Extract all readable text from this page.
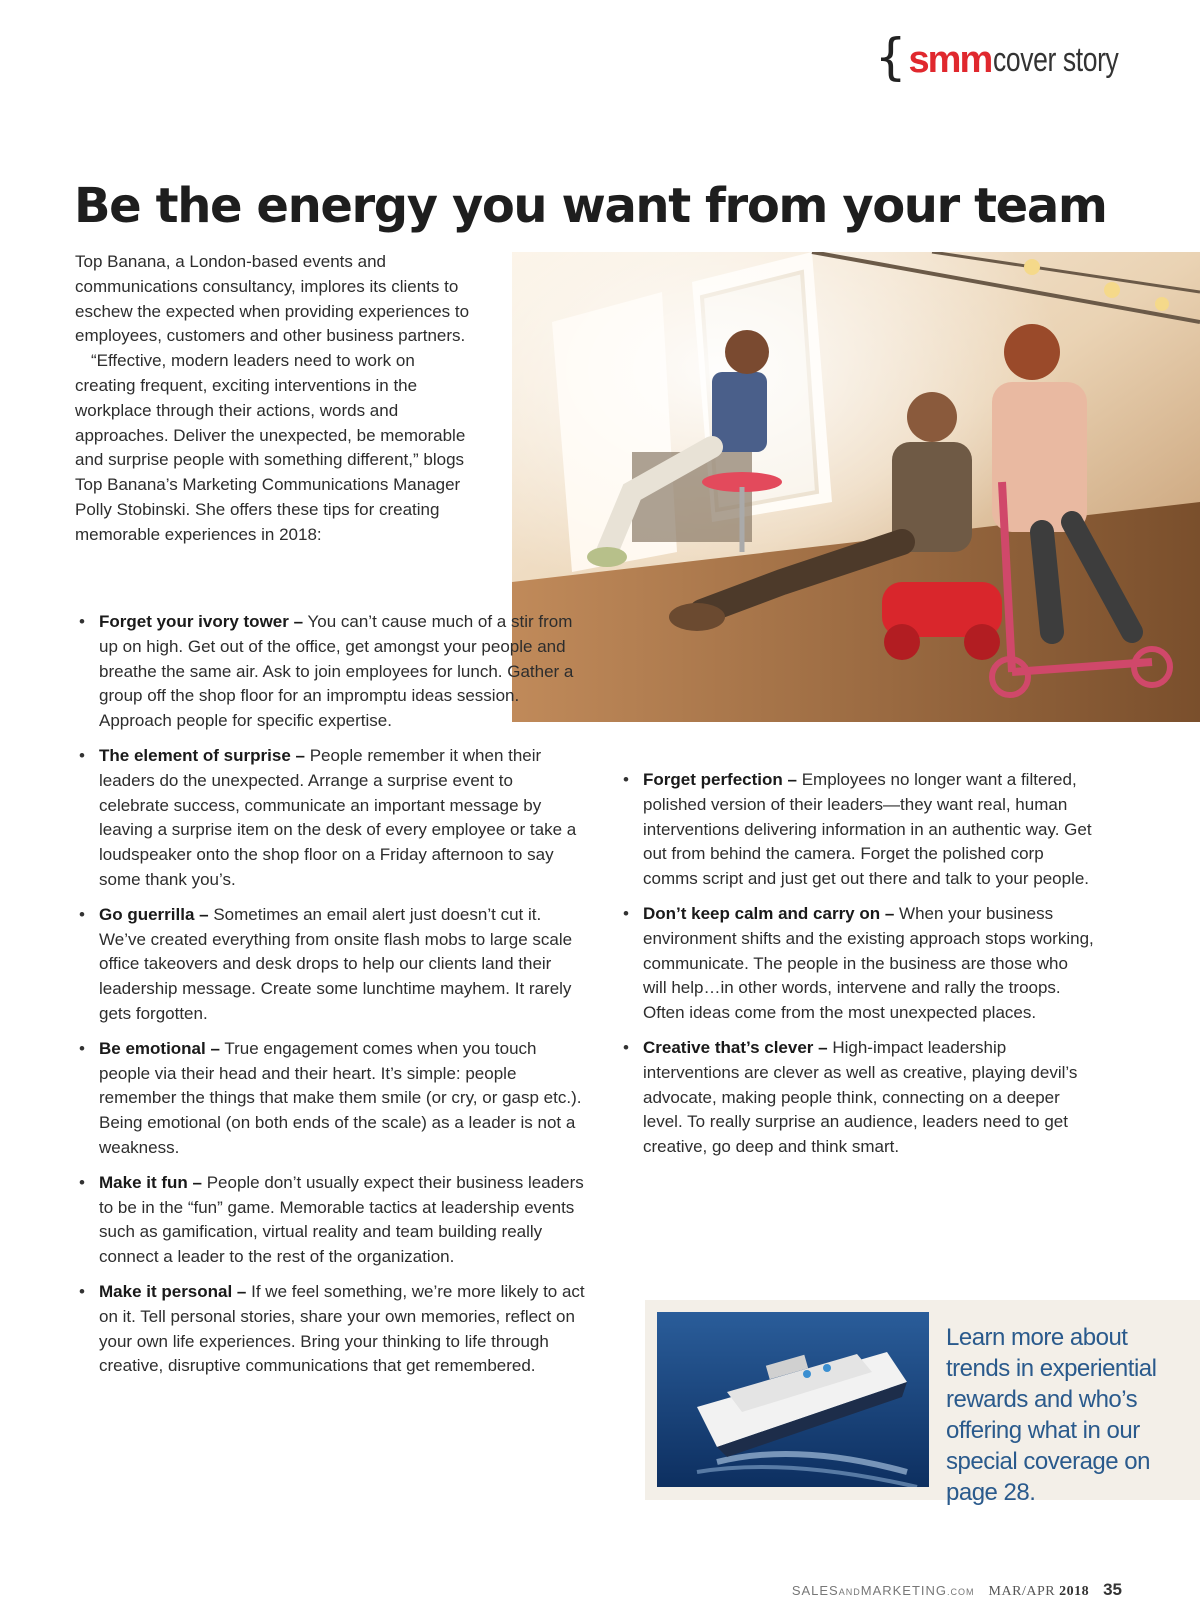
{ smm cover story
Be the energy you want from your team

Top Banana, a London-based events and communications consultancy, implores its clients to eschew the expected when providing experiences to employees, customers and other business partners.

“Effective, modern leaders need to work on creating frequent, exciting interventions in the workplace through their actions, words and approaches. Deliver the unexpected, be memorable and surprise people with something different,” blogs Top Banana’s Marketing Communications Manager Polly Stobinski. She offers these tips for creating memorable experiences in 2018:

• Forget your ivory tower – You can’t cause much of a stir from up on high. Get out of the office, get amongst your people and breathe the same air. Ask to join employees for lunch. Gather a group off the shop floor for an impromptu ideas session. Approach people for specific expertise.
• The element of surprise – People remember it when their leaders do the unexpected. Arrange a surprise event to celebrate success, communicate an important message by leaving a surprise item on the desk of every employee or take a loudspeaker onto the shop floor on a Friday afternoon to say some thank you’s.
• Go guerrilla – Sometimes an email alert just doesn’t cut it. We’ve created everything from onsite flash mobs to large scale office takeovers and desk drops to help our clients land their leadership message. Create some lunchtime mayhem. It rarely gets forgotten.
• Be emotional – True engagement comes when you touch people via their head and their heart. It’s simple: people remember the things that make them smile (or cry, or gasp etc.). Being emotional (on both ends of the scale) as a leader is not a weakness.
• Make it fun – People don’t usually expect their business leaders to be in the “fun” game. Memorable tactics at leadership events such as gamification, virtual reality and team building really connect a leader to the rest of the organization.
• Make it personal – If we feel something, we’re more likely to act on it. Tell personal stories, share your own memories, reflect on your own life experiences. Bring your thinking to life through creative, disruptive communications that get remembered.
• Forget perfection – Employees no longer want a filtered, polished version of their leaders—they want real, human interventions delivering information in an authentic way. Get out from behind the camera. Forget the polished corp comms script and just get out there and talk to your people.
• Don’t keep calm and carry on – When your business environment shifts and the existing approach stops working, communicate. The people in the business are those who will help…in other words, intervene and rally the troops. Often ideas come from the most unexpected places.
• Creative that’s clever – High-impact leadership interventions are clever as well as creative, playing devil’s advocate, making people think, connecting on a deeper level. To really surprise an audience, leaders need to get creative, go deep and think smart.

Learn more about trends in experiential rewards and who’s offering what in our special coverage on page 28.

SALESANDMARKETING.COM MAR/APR 2018 35
